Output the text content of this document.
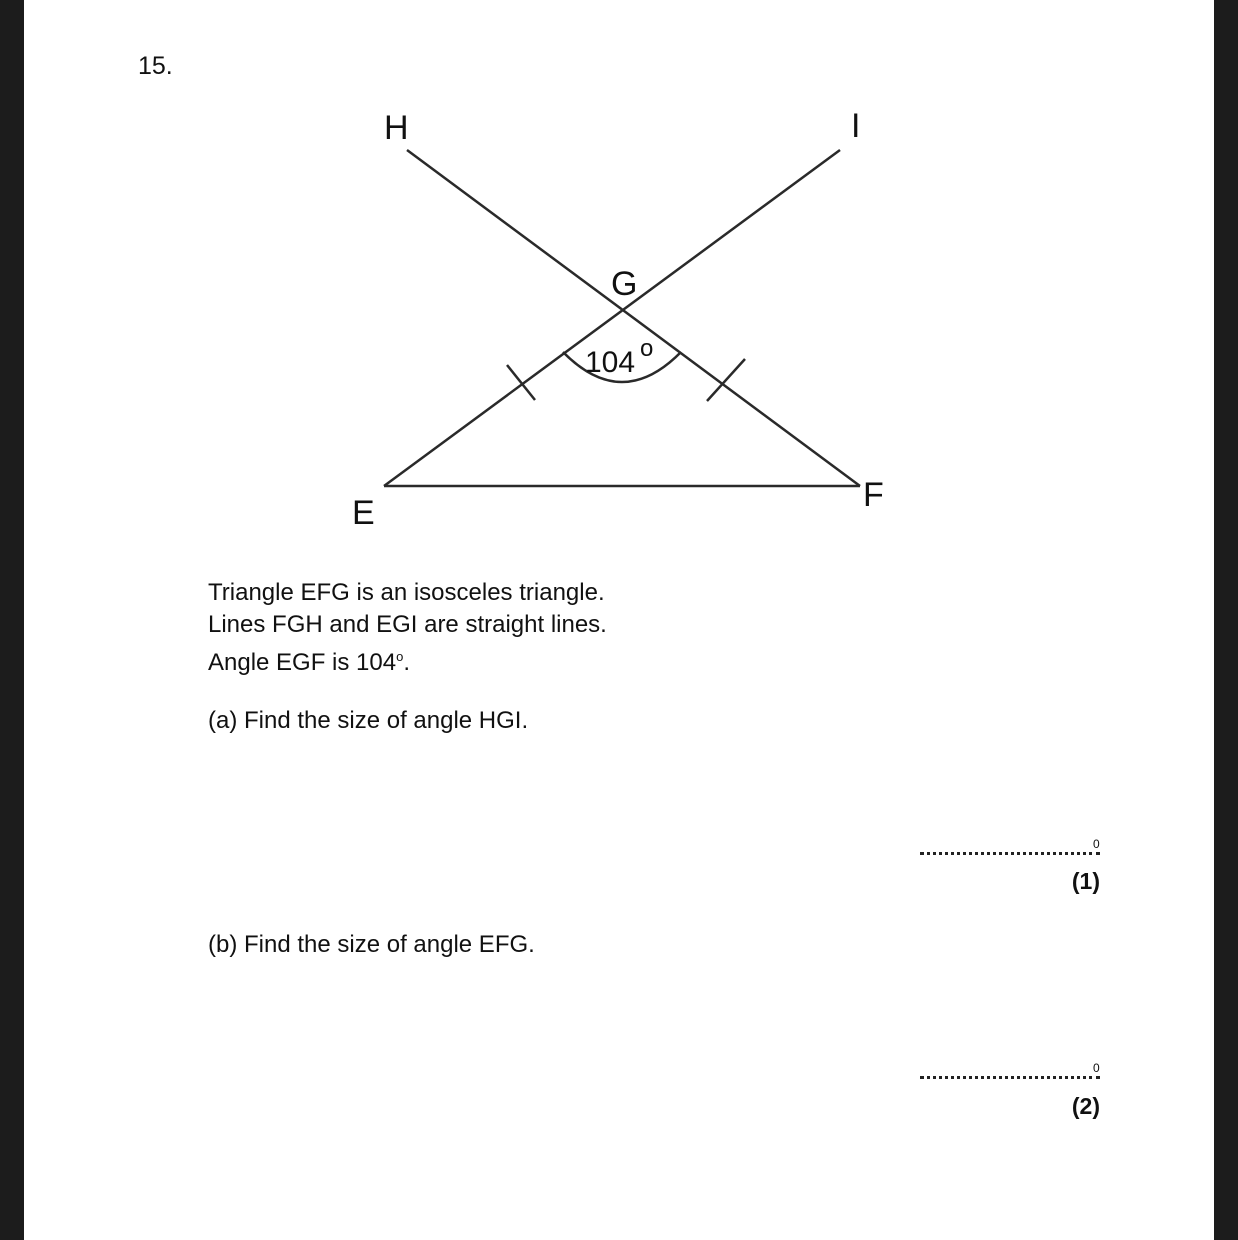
15.
H	I
G
E	F
104 o

Triangle EFG is an isosceles triangle.

Lines FGH and EGI are straight lines.

Angle EGF is 104$^o$.

(a) Find the size of angle HGI.
0
(1)
(b) Find the size of angle EFG.
0
(2)
